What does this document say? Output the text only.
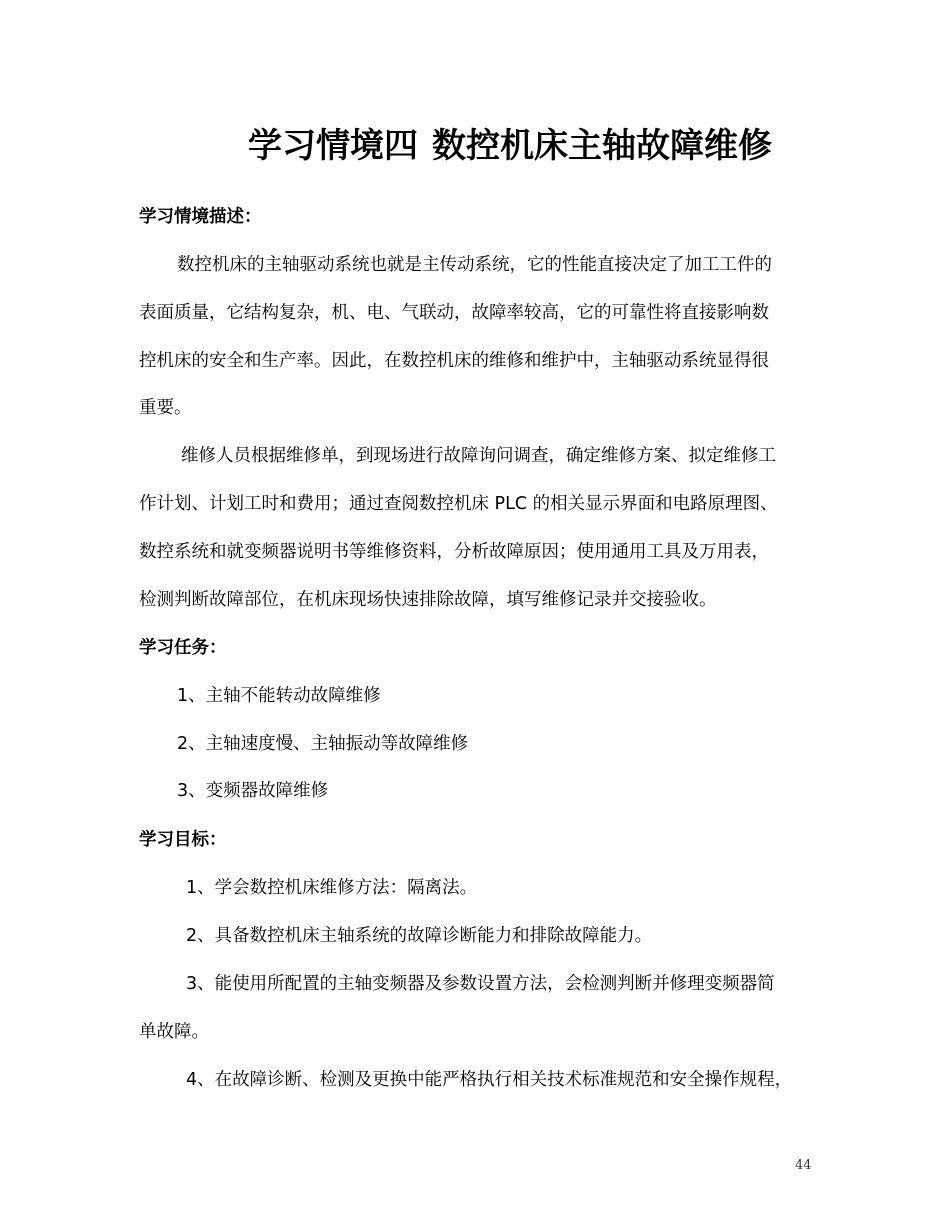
学习情境四 数控机床主轴故障维修
学习情境描述：
数控机床的主轴驱动系统也就是主传动系统，它的性能直接决定了加工工件的
表面质量，它结构复杂，机、电、气联动，故障率较高，它的可靠性将直接影响数
控机床的安全和生产率。因此，在数控机床的维修和维护中，主轴驱动系统显得很
重要。
维修人员根据维修单，到现场进行故障询问调查，确定维修方案、拟定维修工
作计划、计划工时和费用；通过查阅数控机床 PLC 的相关显示界面和电路原理图、
数控系统和就变频器说明书等维修资料，分析故障原因；使用通用工具及万用表，
检测判断故障部位，在机床现场快速排除故障，填写维修记录并交接验收。
学习任务：
1、主轴不能转动故障维修
2、主轴速度慢、主轴振动等故障维修
3、变频器故障维修
学习目标：
1、学会数控机床维修方法：隔离法。
2、具备数控机床主轴系统的故障诊断能力和排除故障能力。
3、能使用所配置的主轴变频器及参数设置方法，会检测判断并修理变频器简
单故障。
4、在故障诊断、检测及更换中能严格执行相关技术标准规范和安全操作规程，
44
